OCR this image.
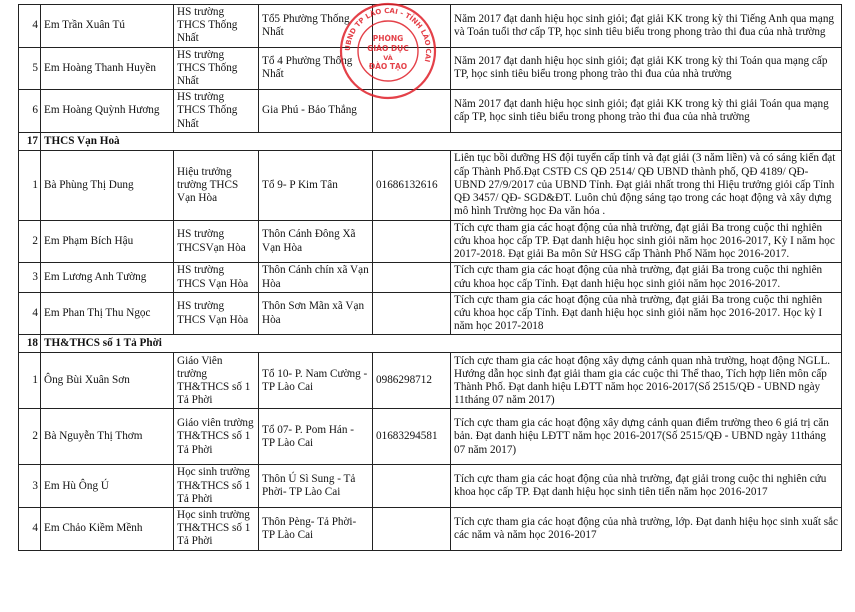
4	Em Trần Xuân Tú	HS trường THCS Thống Nhất	Tổ5 Phường Thống Nhất		Năm 2017 đạt danh hiệu học sinh giỏi; đạt giải KK trong kỳ thi Tiếng Anh qua mạng và Toán tuổi thơ cấp TP, học sinh tiêu biểu trong phong trào thi đua của nhà trường
5	Em Hoàng Thanh Huyền	HS trường THCS Thống Nhất	Tổ 4 Phường Thống Nhất		Năm 2017 đạt danh hiệu học sinh giỏi; đạt giải KK trong kỳ thi Toán qua mạng cấp TP, học sinh tiêu biểu trong phong trào thi đua của nhà trường
6	Em Hoàng Quỳnh Hương	HS trường THCS Thống Nhất	Gia Phú - Bảo Thắng		Năm 2017 đạt danh hiệu học sinh giỏi; đạt giải KK trong kỳ thi giải Toán qua mạng cấp TP, học sinh tiêu biểu trong phong trào thi đua của nhà trường
17	THCS Vạn Hoà				
1	Bà Phùng Thị Dung	Hiệu trưởng trường THCS Vạn Hòa	Tổ 9- P Kim Tân	01686132616	Liên tục bồi dưỡng HS đội tuyển cấp tỉnh và đạt giải (3 năm liền) và có sáng kiến đạt cấp Thành Phố.Đạt CSTĐ CS QĐ 2514/ QĐ UBND thành phố, QĐ 4189/ QĐ-UBND 27/9/2017 của UBND Tỉnh. Đạt giải nhất trong thi Hiệu trưởng giỏi cấp Tỉnh QĐ 3457/ QĐ- SGD&ĐT. Luôn chủ động sáng tạo trong các hoạt động và xây dựng mô hình Trường học Đa văn hóa .
2	Em Phạm Bích Hậu	HS trường THCSVạn Hòa	Thôn Cánh Đông Xã Vạn Hòa		Tích cực tham gia các hoạt động của nhà trường, đạt giải Ba trong cuộc thi nghiên cứu khoa học cấp TP. Đạt danh hiệu học sinh giỏi năm học 2016-2017, Kỳ I năm học 2017-2018. Đạt giải Ba môn Sử HSG cấp Thành Phố Năm học 2016-2017.
3	Em Lương Anh Tường	HS trường THCS Vạn Hòa	Thôn Cánh chín xã Vạn Hòa		Tích cực tham gia các hoạt động của nhà trường, đạt giải Ba trong cuộc thi nghiên cứu khoa học cấp Tỉnh. Đạt danh hiệu học sinh giỏi năm học 2016-2017.
4	Em Phan Thị Thu Ngọc	HS trường THCS Vạn Hòa	Thôn Sơn Mãn xã Vạn Hòa		Tích cực tham gia các hoạt động của nhà trường, đạt giải Ba trong cuộc thi nghiên cứu khoa học cấp Tỉnh. Đạt danh hiệu học sinh giỏi năm học 2016-2017. Học kỳ I năm học 2017-2018
18	TH&THCS số 1 Tả Phời				
1	Ông Bùi Xuân Sơn	Giáo Viên trường TH&THCS số 1 Tả Phời	Tổ 10- P. Nam Cường - TP Lào Cai	0986298712	Tích cực tham gia các hoạt động xây dựng cảnh quan nhà trường, hoạt động NGLL. Hướng dẫn học sinh đạt giải tham gia các cuộc thi Thể thao, Tích hợp liên môn cấp Thành Phố. Đạt danh hiệu LĐTT năm học 2016-2017(Số 2515/QĐ - UBND ngày 11tháng 07 năm 2017)
2	Bà Nguyễn Thị Thơm	Giáo viên trường TH&THCS số 1 Tả Phời	Tổ 07- P. Pom Hán - TP Lào Cai	01683294581	Tích cực tham gia các hoạt động xây dựng cảnh quan điểm trường theo 6 giá trị căn bản. Đạt danh hiệu LĐTT năm học 2016-2017(Số 2515/QĐ - UBND ngày 11tháng 07 năm 2017)
3	Em Hù Ông Ú	Học sinh trường TH&THCS số 1 Tả Phời	Thôn Ú Sì Sung - Tả Phời- TP Lào Cai		Tích cực tham gia các hoạt động của nhà trường, đạt giải trong cuộc thi nghiên cứu khoa học cấp TP. Đạt danh hiệu học sinh tiên tiến năm học 2016-2017
4	Em Chảo Kiềm Mềnh	Học sinh trường TH&THCS số 1 Tả Phời	Thôn Pèng- Tả Phời-TP Lào Cai		Tích cực tham gia các hoạt động của nhà trường, lớp. Đạt danh hiệu học sinh xuất sắc các năm và năm học 2016-2017
UBND TP LÀO CAI - TỈNH LÀO CAI
PHÒNG
GIÁO DỤC
VÀ
ĐÀO TẠO
